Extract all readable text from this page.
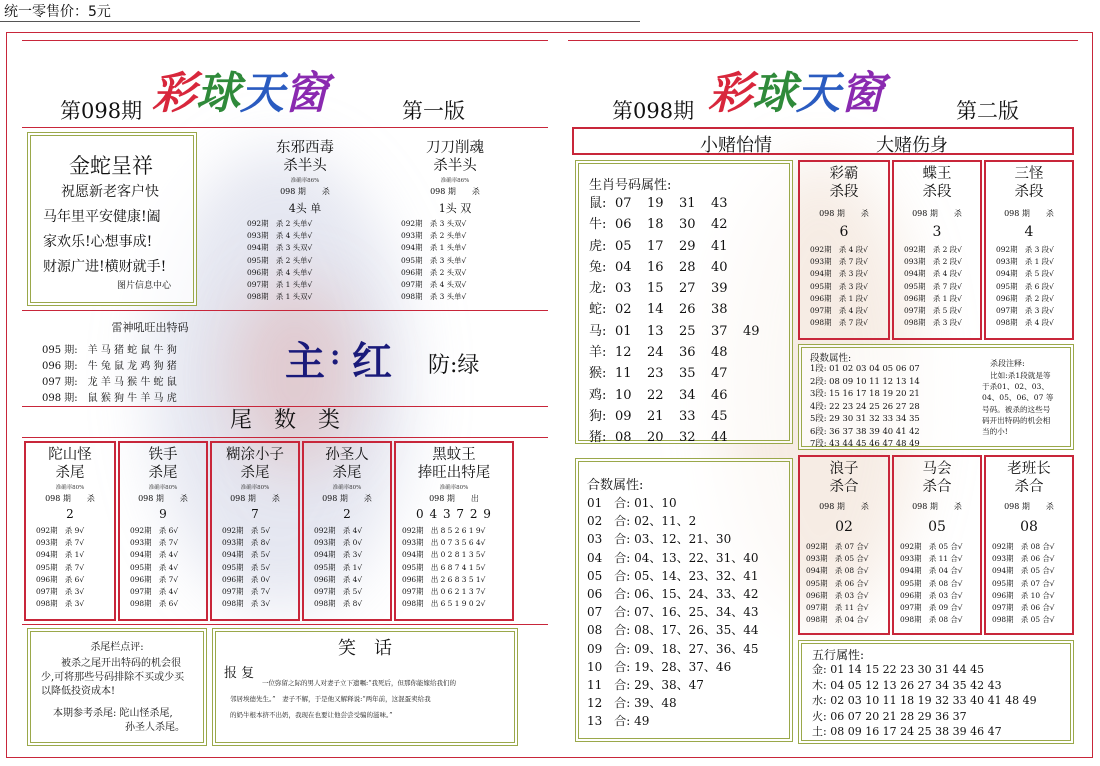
统一零售价：5元
第098期 彩球天窗	第一版
金蛇呈祥
祝愿新老客户快
马年里平安健康!阖
家欢乐!心想事成!
财源广进!横财就手!
图片信息中心
东邪西毒
杀半头
准确率86%
098 期　　杀
4头 单
092期　杀 2 头单√
093期　杀 4 头单√
094期　杀 3 头双√
095期　杀 2 头单√
096期　杀 4 头单√
097期　杀 1 头单√
098期　杀 1 头双√
刀刀削魂
杀半头
准确率86%
098 期　　杀
1头 双
092期　杀 3 头双√
093期　杀 2 头单√
094期　杀 1 头单√
095期　杀 3 头单√
096期　杀 2 头双√
097期　杀 4 头双√
098期　杀 3 头单√
雷神吼旺出特码
095 期:　羊 马 猪 蛇 鼠 牛 狗
096 期:　牛 兔 鼠 龙 鸡 狗 猪
097 期:　龙 羊 马 猴 牛 蛇 鼠
098 期:　鼠 猴 狗 牛 羊 马 虎
主 : 红 防:绿
尾　数　类
陀山怪
杀尾
准确率80%
098 期　　杀
2
092期　杀 9√
093期　杀 7√
094期　杀 1√
095期　杀 7√
096期　杀 6√
097期　杀 3√
098期　杀 3√
铁手
杀尾
准确率80%
098 期　　杀
9
092期　杀 6√
093期　杀 7√
094期　杀 4√
095期　杀 4√
096期　杀 7√
097期　杀 4√
098期　杀 6√
糊涂小子
杀尾
准确率80%
098 期　　杀
7
092期　杀 5√
093期　杀 8√
094期　杀 5√
095期　杀 5√
096期　杀 0√
097期　杀 7√
098期　杀 3√
孙圣人
杀尾
准确率80%
098 期　　杀
2
092期　杀 4√
093期　杀 0√
094期　杀 3√
095期　杀 1√
096期　杀 4√
097期　杀 5√
098期　杀 8√
黑蚊王
捧旺出特尾
准确率80%
098 期　　出
0 4 3 7 2 9
092期　出 8 5 2 6 1 9√
093期　出 0 7 3 5 6 4√
094期　出 0 2 8 1 3 5√
095期　出 6 8 7 4 1 5√
096期　出 2 6 8 3 5 1√
097期　出 0 6 2 1 3 7√
098期　出 6 5 1 9 0 2√
杀尾栏点评:
被杀之尾开出特码的机会很
少,可将那些号码排除不买或少买
以降低投资成本!
本期参考杀尾: 陀山怪杀尾,
孙圣人杀尾。
笑　话
报 复
一位弥留之际的男人对妻子立下遗嘱:“我死后，但那你能嫁给我们的
邻居埃德先生。”　妻子不解，于是他又解释说:“两年前，这混蛋卖给我
的奶牛根本挤不出奶，我现在也要让他尝尝受骗的滋味。”
第098期 彩球天窗	第二版
小赌怡情	大赌伤身
生肖号码属性:
鼠: 07 19 31 43
牛: 06 18 30 42
虎: 05 17 29 41
兔: 04 16 28 40
龙: 03 15 27 39
蛇: 02 14 26 38
马: 01 13 25 37 49
羊: 12 24 36 48
猴: 11 23 35 47
鸡: 10 22 34 46
狗: 09 21 33 45
猪: 08 20 32 44
彩霸
杀段
098 期　　杀
6
092期　杀 4 段√
093期　杀 7 段√
094期　杀 3 段√
095期　杀 3 段√
096期　杀 1 段√
097期　杀 4 段√
098期　杀 7 段√
蝶王
杀段
098 期　　杀
3
092期　杀 2 段√
093期　杀 2 段√
094期　杀 4 段√
095期　杀 7 段√
096期　杀 1 段√
097期　杀 5 段√
098期　杀 3 段√
三怪
杀段
098 期　　杀
4
092期　杀 3 段√
093期　杀 1 段√
094期　杀 5 段√
095期　杀 6 段√
096期　杀 2 段√
097期　杀 3 段√
098期　杀 4 段√
段数属性:
1段: 01 02 03 04 05 06 07
2段: 08 09 10 11 12 13 14
3段: 15 16 17 18 19 20 21
4段: 22 23 24 25 26 27 28
5段: 29 30 31 32 33 34 35
6段: 36 37 38 39 40 41 42
7段: 43 44 45 46 47 48 49
杀段注释:
比如:杀1段就是等
于杀01、02、03、
04、05、06、07 等
号码。被杀的这些号
码开出特码的机会相
当的小!
合数属性:
01　合: 01、10
02　合: 02、11、2
03　合: 03、12、21、30
04　合: 04、13、22、31、40
05　合: 05、14、23、32、41
06　合: 06、15、24、33、42
07　合: 07、16、25、34、43
08　合: 08、17、26、35、44
09　合: 09、18、27、36、45
10　合: 19、28、37、46
11　合: 29、38、47
12　合: 39、48
13　合: 49
浪子
杀合
098 期　　杀
02
092期　杀 07 合√
093期　杀 05 合√
094期　杀 08 合√
095期　杀 06 合√
096期　杀 03 合√
097期　杀 11 合√
098期　杀 04 合√
马会
杀合
098 期　　杀
05
092期　杀 05 合√
093期　杀 11 合√
094期　杀 04 合√
095期　杀 08 合√
096期　杀 03 合√
097期　杀 09 合√
098期　杀 08 合√
老班长
杀合
098 期　　杀
08
092期　杀 08 合√
093期　杀 06 合√
094期　杀 05 合√
095期　杀 07 合√
096期　杀 10 合√
097期　杀 06 合√
098期　杀 05 合√
五行属性:
金: 01 14 15 22 23 30 31 44 45
木: 04 05 12 13 26 27 34 35 42 43
水: 02 03 10 11 18 19 32 33 40 41 48 49
火: 06 07 20 21 28 29 36 37
土: 08 09 16 17 24 25 38 39 46 47
